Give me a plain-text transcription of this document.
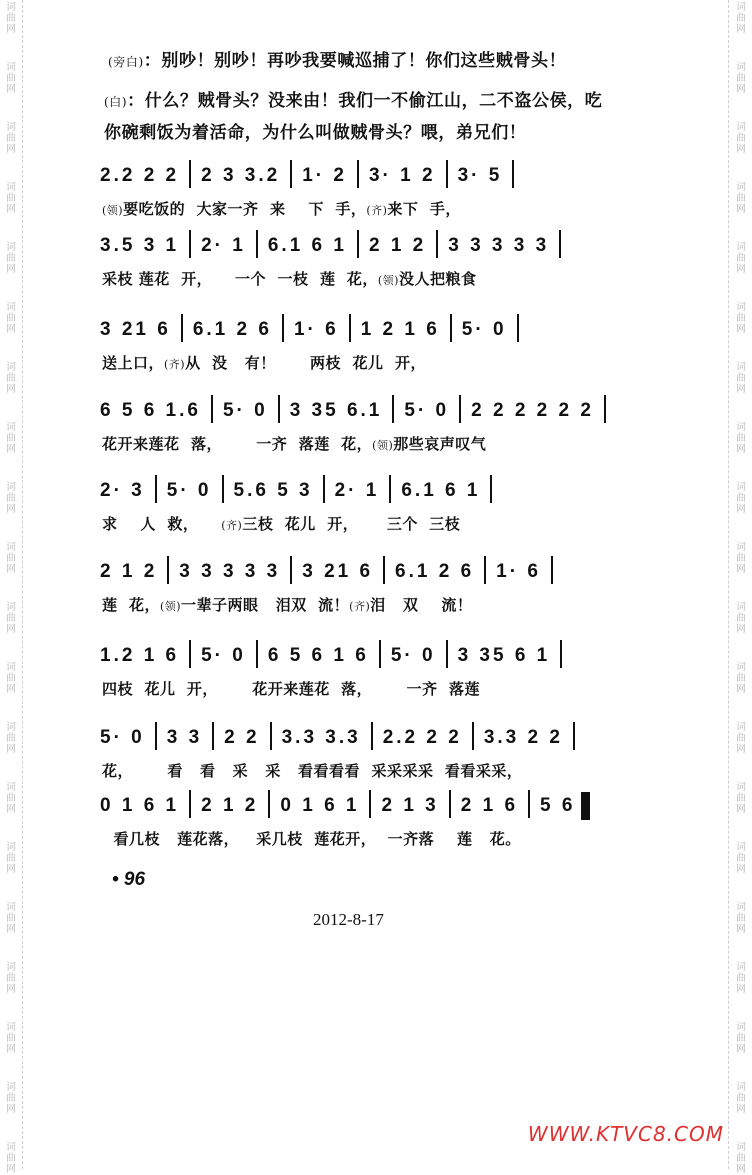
词
曲
网
词
曲
网
词
曲
网
词
曲
网
词
曲
网
词
曲
网
词
曲
网
词
曲
网
词
曲
网
词
曲
网
词
曲
网
词
曲
网
词
曲
网
词
曲
网
词
曲
网
词
曲
网
词
曲
网
词
曲
网
词
曲
网
词
曲
网
词
曲
网
词
曲
网
词
曲
网
词
曲
网
词
曲
网
词
曲
网
词
曲
网
词
曲
网
词
曲
网
词
曲
网
词
曲
网
词
曲
网
词
曲
网
词
曲
网
词
曲
网
词
曲
网
词
曲
网
词
曲
网
词
曲
网
词
曲
网
(旁白)：别吵！别吵！再吵我要喊巡捕了！你们这些贼骨头！
(白)：什么？贼骨头？没来由！我们一不偷江山，二不盗公侯，吃
你碗剩饭为着活命，为什么叫做贼骨头？喂，弟兄们！
2.2 2 2 2 3 3.2 1· 2 3· 1 2 3· 5
(领)要吃饭的  大家一齐  来    下  手，(齐)来下  手，
3.5 3 1 2· 1 6.1 6 1 2 1 2 3 3 3 3 3
采枝 莲花  开，    一个  一枝  莲  花，(领)没人把粮食
3 21 6 6.1 2 6 1· 6 1 2 1 6 5· 0
送上口，(齐)从  没   有！      两枝  花儿  开，
6 5 6 1.6 5· 0 3 35 6.1 5· 0 2 2 2 2 2 2
花开来莲花  落，      一齐  落莲  花，(领)那些哀声叹气
2· 3 5· 0 5.6 5 3 2· 1 6.1 6 1
求    人  救，    (齐)三枝  花儿  开，     三个  三枝
2 1 2 3 3 3 3 3 3 21 6 6.1 2 6 1· 6
莲  花，(领)一辈子两眼   泪双  流！(齐)泪   双    流！
1.2 1 6 5· 0 6 5 6 1 6 5· 0 3 35 6 1
四枝  花儿  开，      花开来莲花  落，      一齐  落莲
5· 0 3 3 2 2 3.3 3.3 2.2 2 2 3.3 2 2
花，      看   看   采   采   看看看看  采采采采  看看采采，
0 1 6 1 2 1 2 0 1 6 1 2 1 3 2 1 6 5 6
看几枝   莲花落，   采几枝  莲花开，  一齐落    莲   花。
• 96
2012-8-17
WWW.KTVC8.COM
